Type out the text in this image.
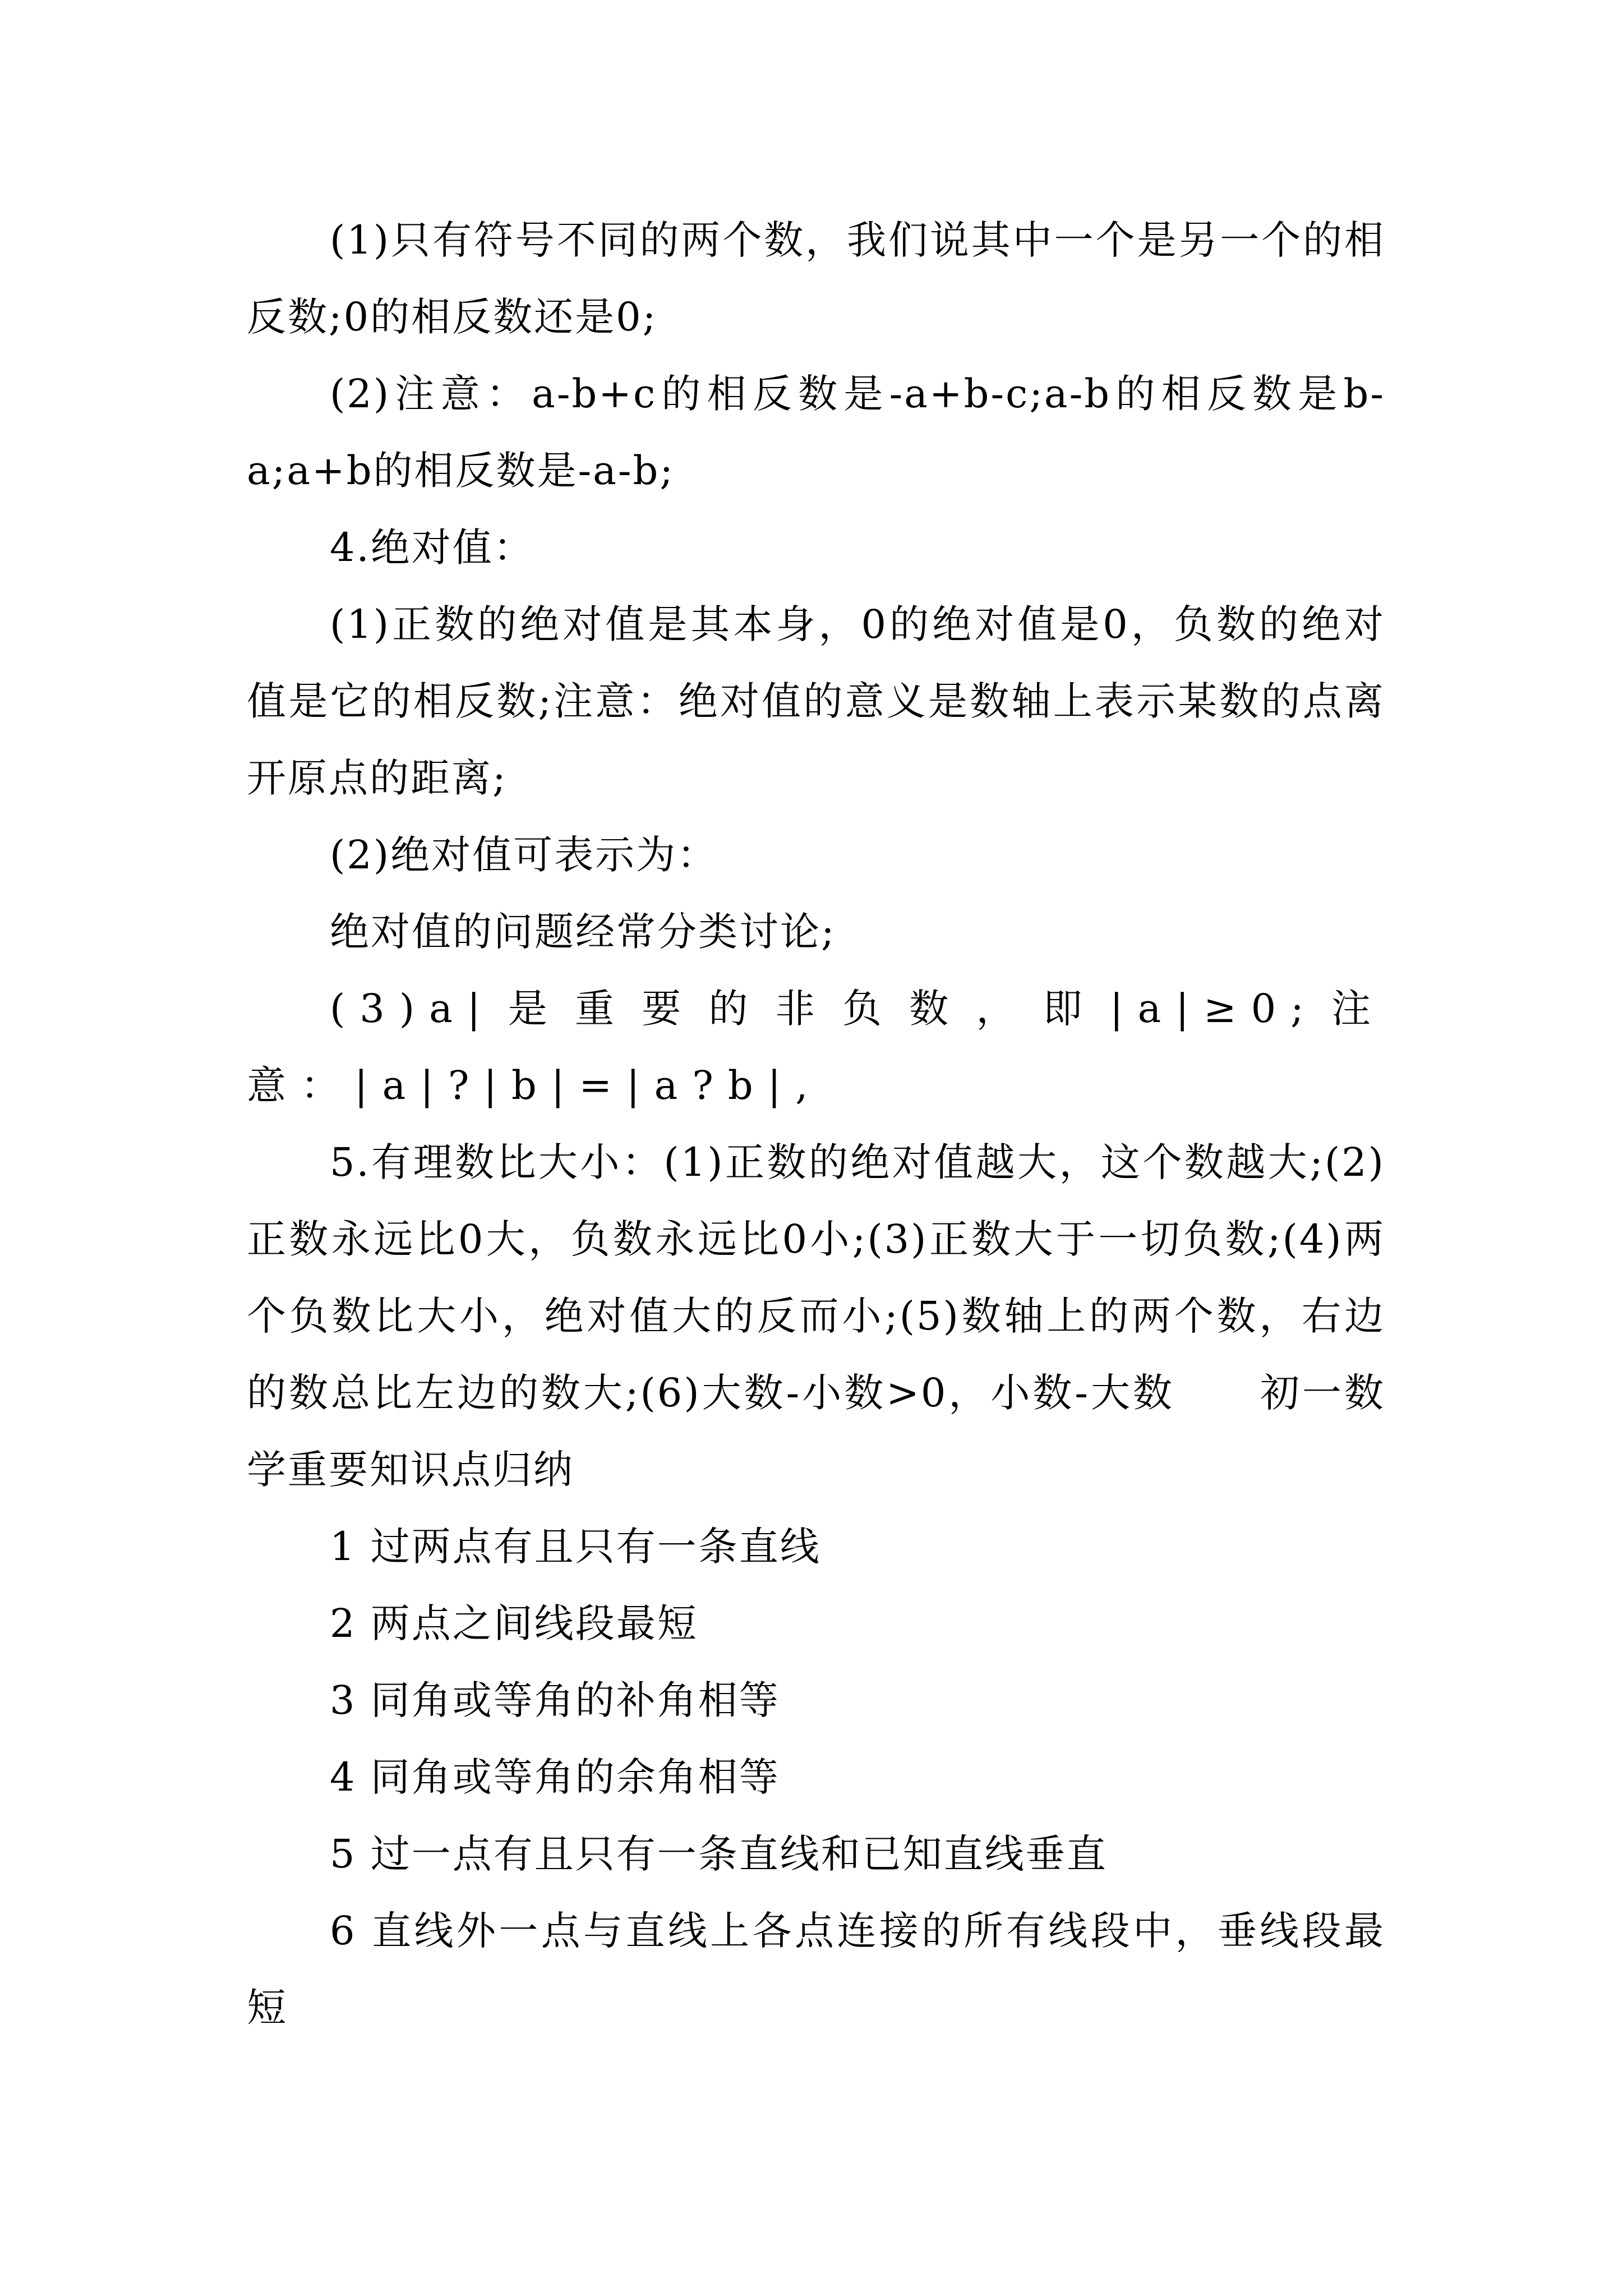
(1)只有符号不同的两个数，我们说其中一个是另一个的相反数;0的相反数还是0;

(2)注意：a-b+c的相反数是-a+b-c;a-b的相反数是b-a;a+b的相反数是-a-b;

4.绝对值：

(1)正数的绝对值是其本身，0的绝对值是0，负数的绝对值是它的相反数;注意：绝对值的意义是数轴上表示某数的点离开原点的距离;

(2)绝对值可表示为：

绝对值的问题经常分类讨论;

(3)a|是重要的非负数，即|a|≥0;注意：|a|?|b|=|a?b|,

5.有理数比大小：(1)正数的绝对值越大，这个数越大;(2)正数永远比0大，负数永远比0小;(3)正数大于一切负数;(4)两个负数比大小，绝对值大的反而小;(5)数轴上的两个数，右边的数总比左边的数大;(6)大数-小数>0，小数-大数 初一数学重要知识点归纳

1 过两点有且只有一条直线

2 两点之间线段最短

3 同角或等角的补角相等

4 同角或等角的余角相等

5 过一点有且只有一条直线和已知直线垂直

6 直线外一点与直线上各点连接的所有线段中，垂线段最短
